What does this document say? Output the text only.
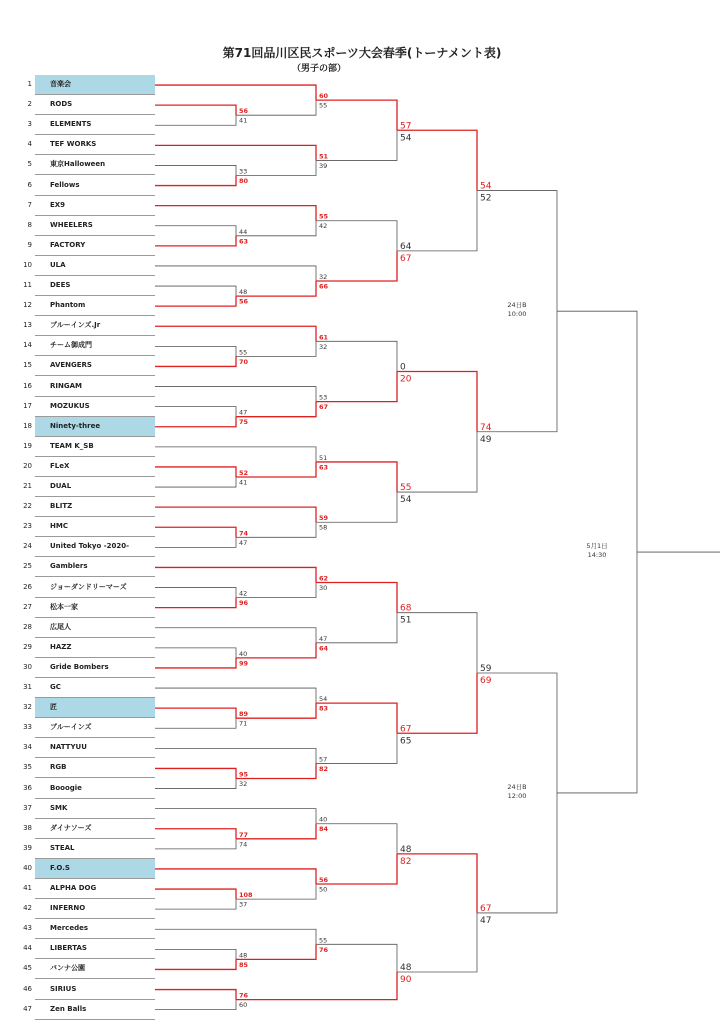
第71回品川区民スポーツ大会春季(トーナメント表)
（男子の部）
1	音楽会
2	RODS
3	ELEMENTS
4	TEF WORKS
5	東京Halloween
6	Fellows
7	EX9
8	WHEELERS
9	FACTORY
10	ULA
11	DEES
12	Phantom
13	ブルーインズ.Jr
14	チーム御成門
15	AVENGERS
16	RINGAM
17	MOZUKUS
18	Ninety-three
19	TEAM K_SB
20	FLeX
21	DUAL
22	BLITZ
23	HMC
24	United Tokyo -2020-
25	Gamblers
26	ジョーダンドリーマーズ
27	松本一家
28	広尾人
29	HAZZ
30	Gride Bombers
31	GC
32	匠
33	ブルーインズ
34	NATTYUU
35	RGB
36	Booogie
37	SMK
38	ダイナソーズ
39	STEAL
40	F.O.S
41	ALPHA DOG
42	INFERNO
43	Mercedes
44	LIBERTAS
45	バンナ公園
46	SIRIUS
47	Zen Balls
56
41
60
55
33
80
51
39
57
54
44
63
55
42
48
56
32
66
64
67
54
52
55
70
61
32
47
75
53
67
0
20
52
41
51
63
74
47
59
58
55
54
74
49
24日B
10:00
42
96
62
30
40
99
47
64
68
51
89
71
54
83
95
32
57
82
67
65
59
69
77
74
40
84
108
37
56
50
48
82
48
85
55
76
76
60
48
90
67
47
24日B
12:00
5月1日
14:30
